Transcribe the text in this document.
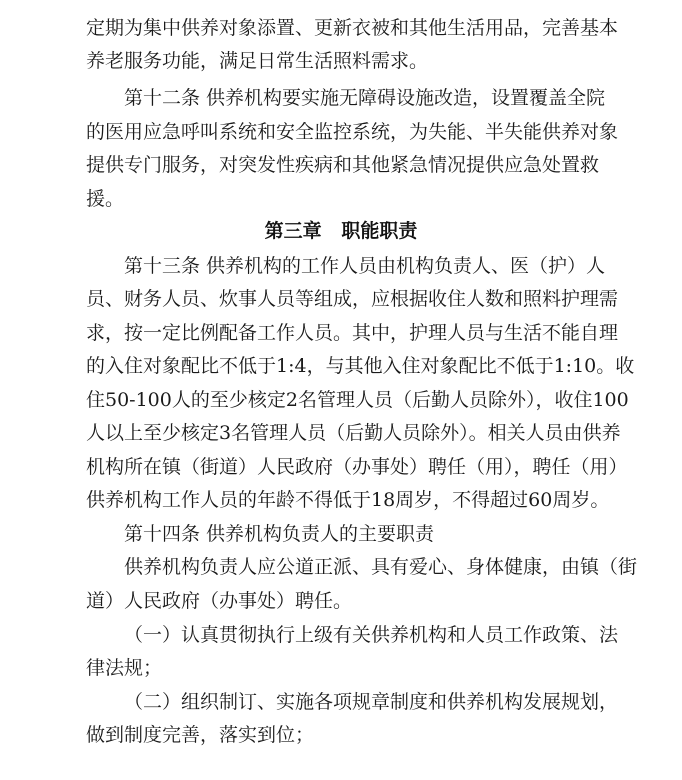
定期为集中供养对象添置、更新衣被和其他生活用品，完善基本
养老服务功能，满足日常生活照料需求。
第十二条 供养机构要实施无障碍设施改造，设置覆盖全院
的医用应急呼叫系统和安全监控系统，为失能、半失能供养对象
提供专门服务，对突发性疾病和其他紧急情况提供应急处置救
援。
第三章   职能职责
第十三条 供养机构的工作人员由机构负责人、医（护）人
员、财务人员、炊事人员等组成，应根据收住人数和照料护理需
求，按一定比例配备工作人员。其中，护理人员与生活不能自理
的入住对象配比不低于1:4，与其他入住对象配比不低于1:10。收
住50-100人的至少核定2名管理人员（后勤人员除外），收住100
人以上至少核定3名管理人员（后勤人员除外）。相关人员由供养
机构所在镇（街道）人民政府（办事处）聘任（用），聘任（用）
供养机构工作人员的年龄不得低于18周岁，不得超过60周岁。
第十四条 供养机构负责人的主要职责
供养机构负责人应公道正派、具有爱心、身体健康，由镇（街
道）人民政府（办事处）聘任。
（一）认真贯彻执行上级有关供养机构和人员工作政策、法
律法规；
（二）组织制订、实施各项规章制度和供养机构发展规划，
做到制度完善，落实到位；
